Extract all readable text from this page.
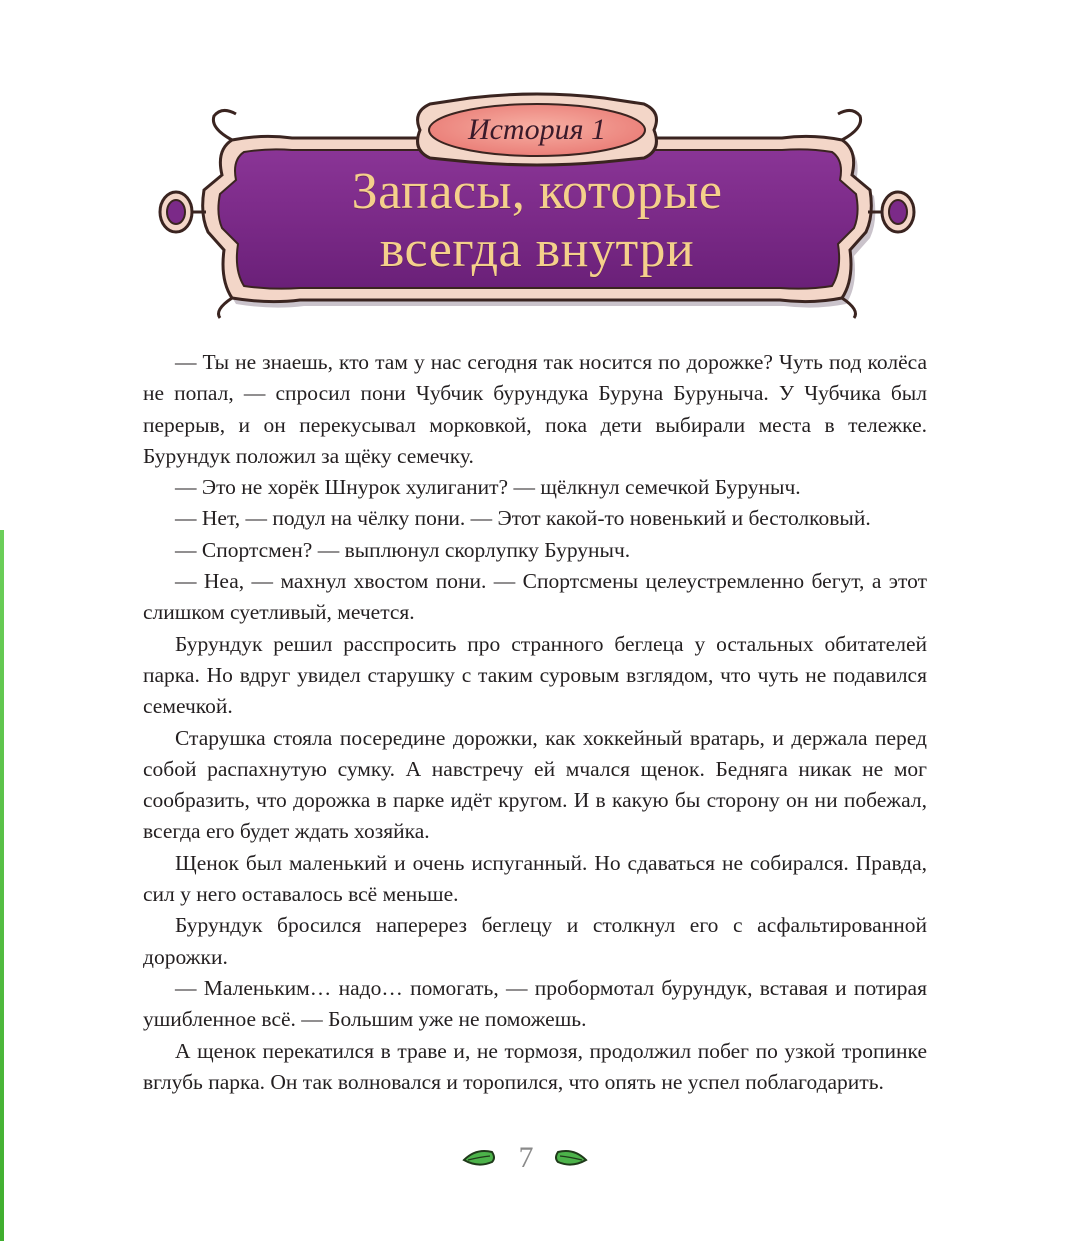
История 1
Запасы, которые
всегда внутри

— Ты не знаешь, кто там у нас сегодня так носится по дорожке? Чуть под колёса не попал, — спросил пони Чубчик бурундука Буруна Буруныча. У Чубчика был перерыв, и он перекусывал морковкой, пока дети выбирали места в тележке. Бурундук положил за щёку семечку.

— Это не хорёк Шнурок хулиганит? — щёлкнул семечкой Буруныч.

— Нет, — подул на чёлку пони. — Этот какой-то новенький и бестолковый.

— Спортсмен? — выплюнул скорлупку Буруныч.

— Неа, — махнул хвостом пони. — Спортсмены целеустремленно бегут, а этот слишком суетливый, мечется.

Бурундук решил расспросить про странного беглеца у остальных обитателей парка. Но вдруг увидел старушку с таким суровым взглядом, что чуть не подавился семечкой.

Старушка стояла посередине дорожки, как хоккейный вратарь, и держала перед собой распахнутую сумку. А навстречу ей мчался щенок. Бедняга никак не мог сообразить, что дорожка в парке идёт кругом. И в какую бы сторону он ни побежал, всегда его будет ждать хозяйка.

Щенок был маленький и очень испуганный. Но сдаваться не собирался. Правда, сил у него оставалось всё меньше.

Бурундук бросился наперерез беглецу и столкнул его с асфальтированной дорожки.

— Маленьким… надо… помогать, — пробормотал бурундук, вставая и потирая ушибленное всё. — Большим уже не поможешь.

А щенок перекатился в траве и, не тормозя, продолжил побег по узкой тропинке вглубь парка. Он так волновался и торопился, что опять не успел поблагодарить.

7
